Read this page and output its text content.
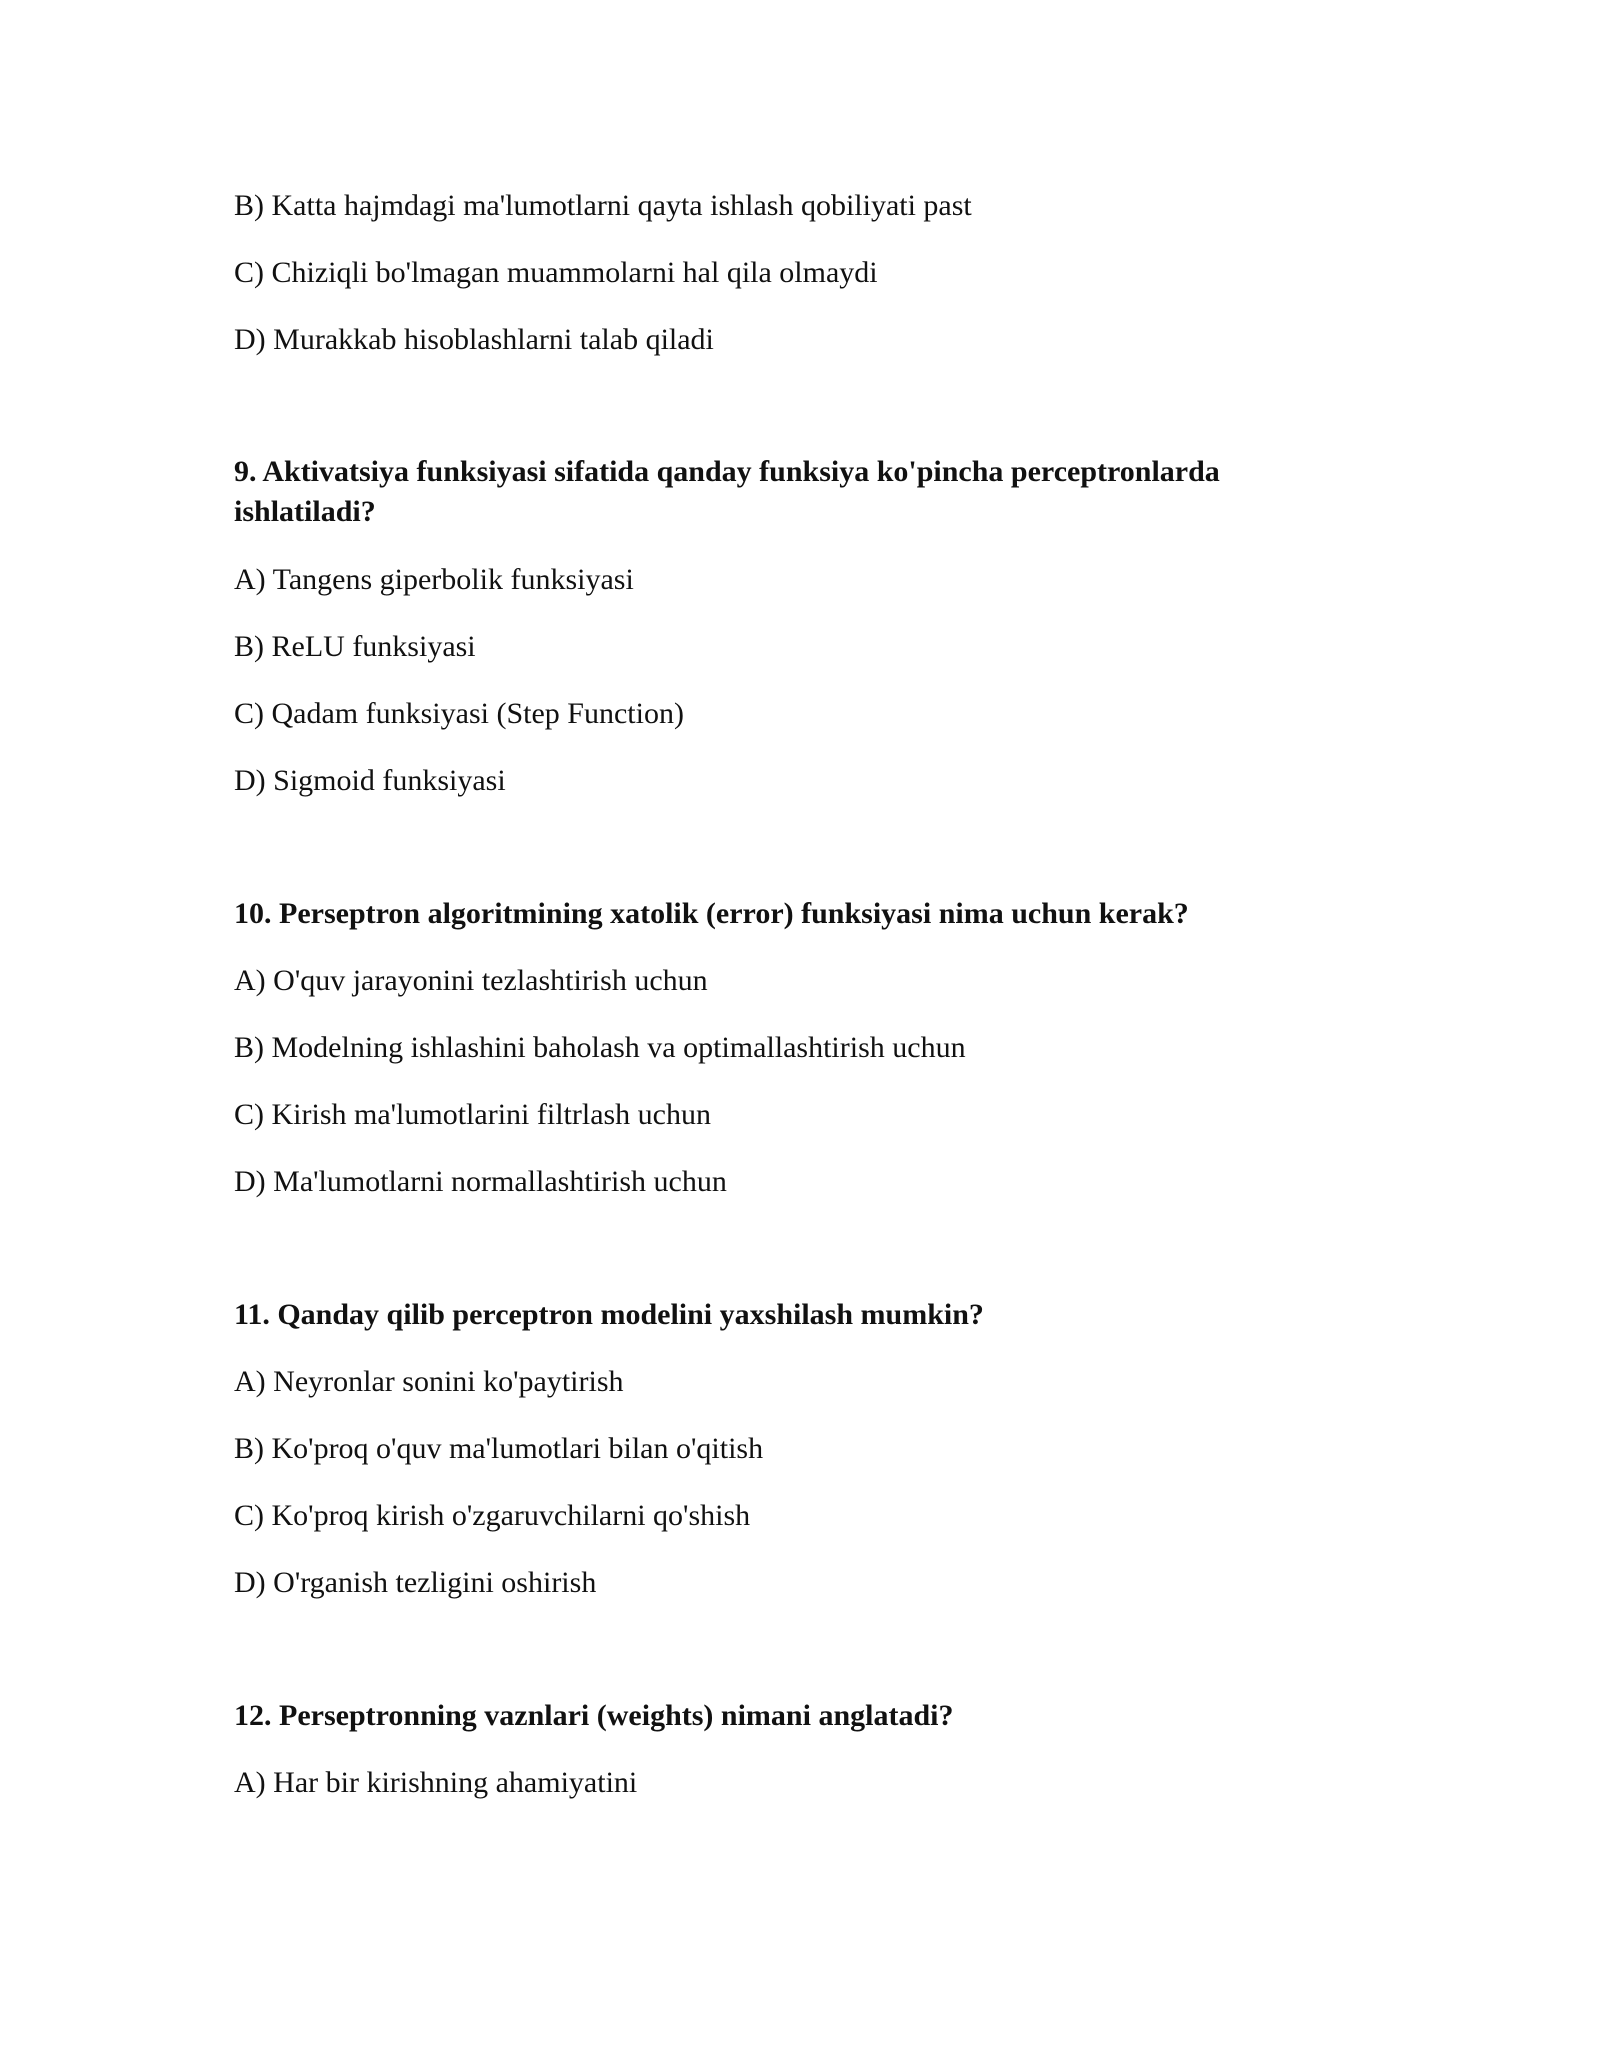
B) Katta hajmdagi ma'lumotlarni qayta ishlash qobiliyati past

C) Chiziqli bo'lmagan muammolarni hal qila olmaydi

D) Murakkab hisoblashlarni talab qiladi

9. Aktivatsiya funksiyasi sifatida qanday funksiya ko'pincha perceptronlarda ishlatiladi?

A) Tangens giperbolik funksiyasi

B) ReLU funksiyasi

C) Qadam funksiyasi (Step Function)

D) Sigmoid funksiyasi

10. Perseptron algoritmining xatolik (error) funksiyasi nima uchun kerak?

A) O'quv jarayonini tezlashtirish uchun

B) Modelning ishlashini baholash va optimallashtirish uchun

C) Kirish ma'lumotlarini filtrlash uchun

D) Ma'lumotlarni normallashtirish uchun

11. Qanday qilib perceptron modelini yaxshilash mumkin?

A) Neyronlar sonini ko'paytirish

B) Ko'proq o'quv ma'lumotlari bilan o'qitish

C) Ko'proq kirish o'zgaruvchilarni qo'shish

D) O'rganish tezligini oshirish

12. Perseptronning vaznlari (weights) nimani anglatadi?

A) Har bir kirishning ahamiyatini
